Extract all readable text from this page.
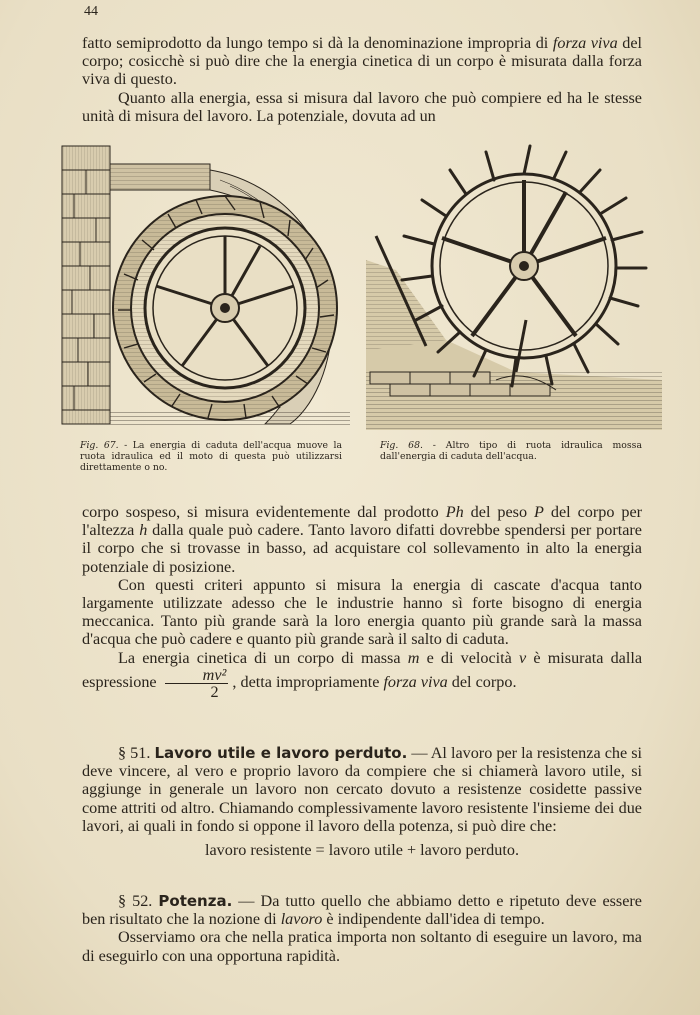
44

fatto semiprodotto da lungo tempo si dà la denominazione impropria di forza viva del corpo; cosicchè si può dire che la energia cinetica di un corpo è misurata dalla forza viva di questo.

Quanto alla energia, essa si misura dal lavoro che può compiere ed ha le stesse unità di misura del lavoro. La potenziale, dovuta ad un

Fig. 67. - La energia di caduta dell'acqua muove la ruota idraulica ed il moto di questa può utilizzarsi direttamente o no.
Fig. 68. - Altro tipo di ruota idraulica mossa dall'energia di caduta dell'acqua.

corpo sospeso, si misura evidentemente dal prodotto Ph del peso P del corpo per l'altezza h dalla quale può cadere. Tanto lavoro difatti dovrebbe spendersi per portare il corpo che si trovasse in basso, ad acquistare col sollevamento in alto la energia potenziale di posizione.

Con questi criteri appunto si misura la energia di cascate d'acqua tanto largamente utilizzate adesso che le industrie hanno sì forte bisogno di energia meccanica. Tanto più grande sarà la loro energia quanto più grande sarà la massa d'acqua che può cadere e quanto più grande sarà il salto di caduta.

La energia cinetica di un corpo di massa m e di velocità v è misurata dalla espressione $\frac{\text{mv²}}{2}$ , detta impropriamente forza viva del corpo.

§ 51. Lavoro utile e lavoro perduto. — Al lavoro per la resistenza che si deve vincere, al vero e proprio lavoro da compiere che si chiamerà lavoro utile, si aggiunge in generale un lavoro non cercato dovuto a resistenze cosidette passive come attriti od altro. Chiamando complessivamente lavoro resistente l'insieme dei due lavori, ai quali in fondo si oppone il lavoro della potenza, si può dire che:

lavoro resistente = lavoro utile + lavoro perduto.

§ 52. Potenza. — Da tutto quello che abbiamo detto e ripetuto deve essere ben risultato che la nozione di lavoro è indipendente dall'idea di tempo.

Osserviamo ora che nella pratica importa non soltanto di eseguire un lavoro, ma di eseguirlo con una opportuna rapidità.
